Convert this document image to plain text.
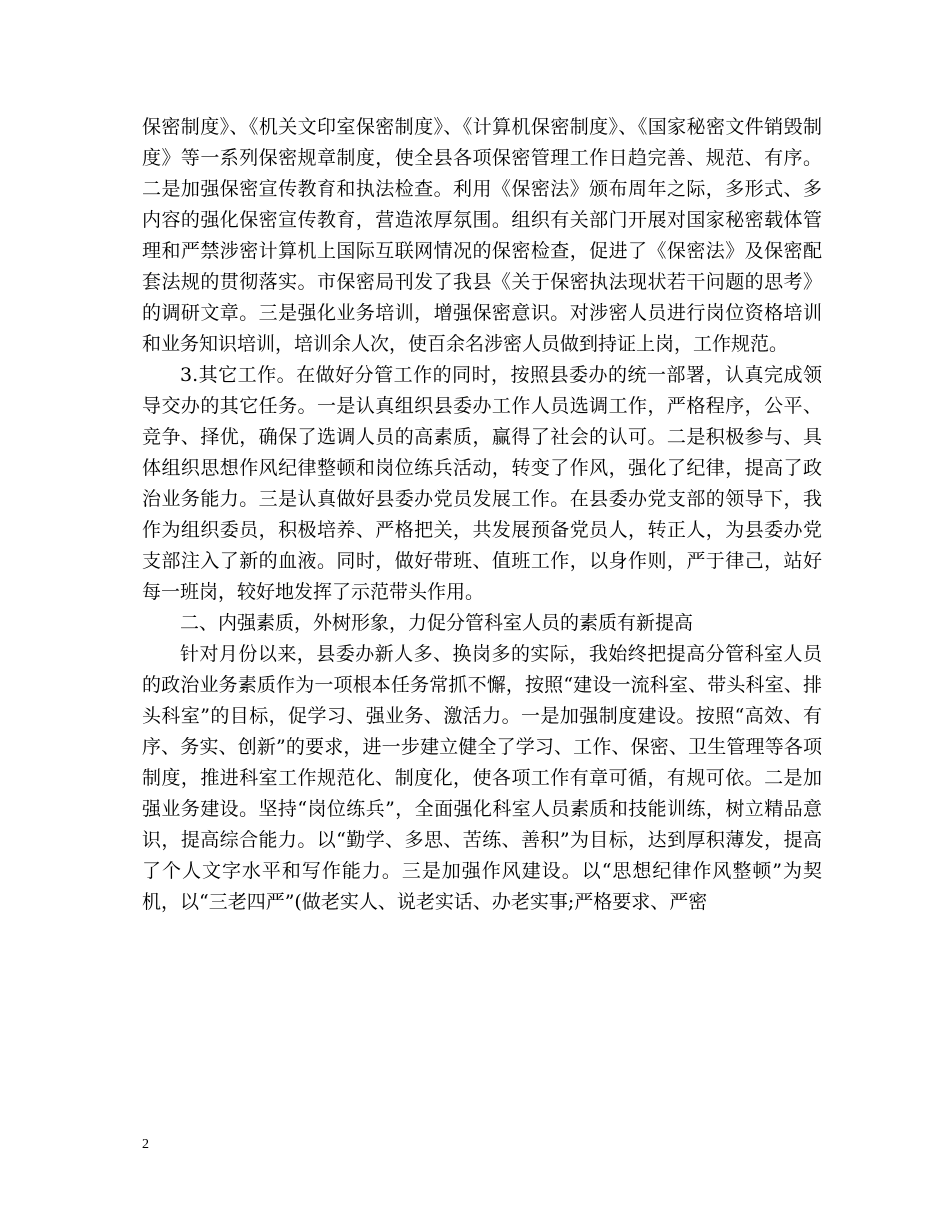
保密制度》、《机关文印室保密制度》、《计算机保密制度》、《国家秘密文件销毁制度》等一系列保密规章制度，使全县各项保密管理工作日趋完善、规范、有序。二是加强保密宣传教育和执法检查。利用《保密法》颁布周年之际，多形式、多内容的强化保密宣传教育，营造浓厚氛围。组织有关部门开展对国家秘密载体管理和严禁涉密计算机上国际互联网情况的保密检查，促进了《保密法》及保密配套法规的贯彻落实。市保密局刊发了我县《关于保密执法现状若干问题的思考》的调研文章。三是强化业务培训，增强保密意识。对涉密人员进行岗位资格培训和业务知识培训，培训余人次，使百余名涉密人员做到持证上岗，工作规范。

3.其它工作。在做好分管工作的同时，按照县委办的统一部署，认真完成领导交办的其它任务。一是认真组织县委办工作人员选调工作，严格程序，公平、竞争、择优，确保了选调人员的高素质，赢得了社会的认可。二是积极参与、具体组织思想作风纪律整顿和岗位练兵活动，转变了作风，强化了纪律，提高了政治业务能力。三是认真做好县委办党员发展工作。在县委办党支部的领导下，我作为组织委员，积极培养、严格把关，共发展预备党员人，转正人，为县委办党支部注入了新的血液。同时，做好带班、值班工作，以身作则，严于律己，站好每一班岗，较好地发挥了示范带头作用。

二、内强素质，外树形象，力促分管科室人员的素质有新提高

针对月份以来，县委办新人多、换岗多的实际，我始终把提高分管科室人员的政治业务素质作为一项根本任务常抓不懈，按照“建设一流科室、带头科室、排头科室”的目标，促学习、强业务、激活力。一是加强制度建设。按照“高效、有序、务实、创新”的要求，进一步建立健全了学习、工作、保密、卫生管理等各项制度，推进科室工作规范化、制度化，使各项工作有章可循，有规可依。二是加强业务建设。坚持“岗位练兵”，全面强化科室人员素质和技能训练，树立精品意识，提高综合能力。以“勤学、多思、苦练、善积”为目标，达到厚积薄发，提高了个人文字水平和写作能力。三是加强作风建设。以“思想纪律作风整顿”为契机，以“三老四严”(做老实人、说老实话、办老实事;严格要求、严密

2
